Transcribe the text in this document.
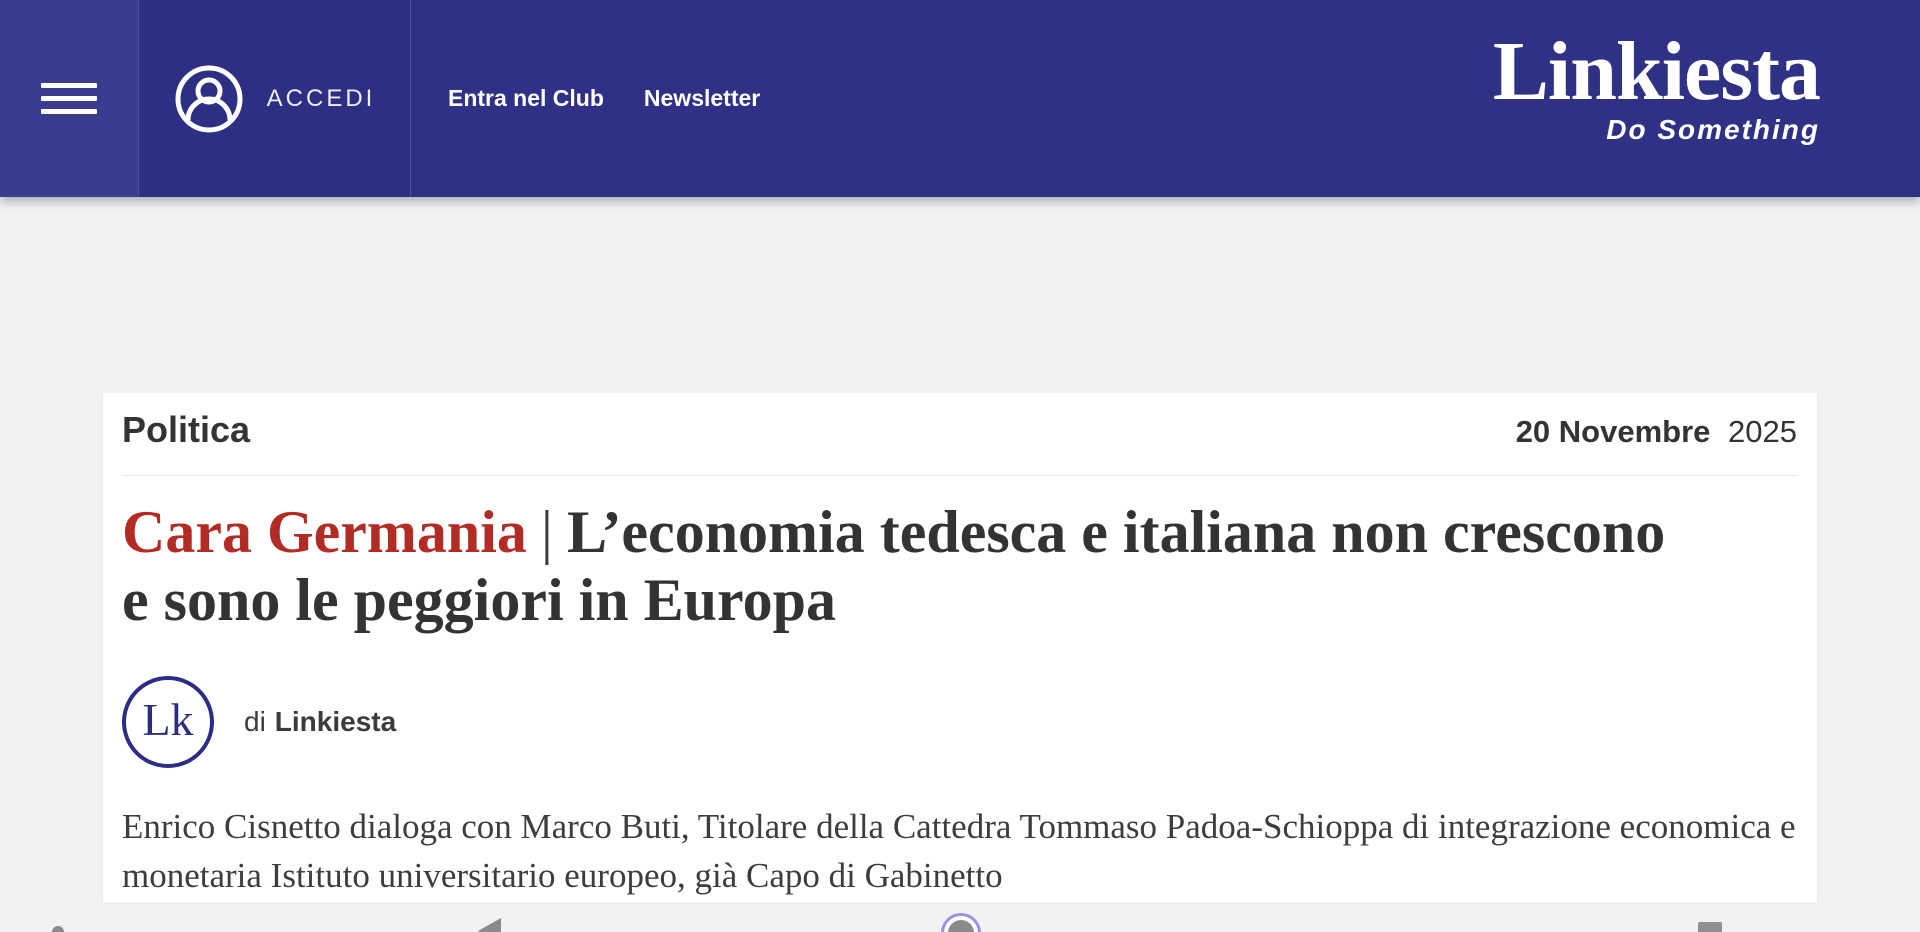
ACCEDI	Entra nel Club Newsletter	Linkiesta
Do Something
Politica	20 Novembre 2025
Cara Germania | L’economia tedesca e italiana non crescono e sono le peggiori in Europa
Lk di Linkiesta

Enrico Cisnetto dialoga con Marco Buti, Titolare della Cattedra Tommaso Padoa-Schioppa di integrazione economica e monetaria Istituto universitario europeo, già Capo di Gabinetto
